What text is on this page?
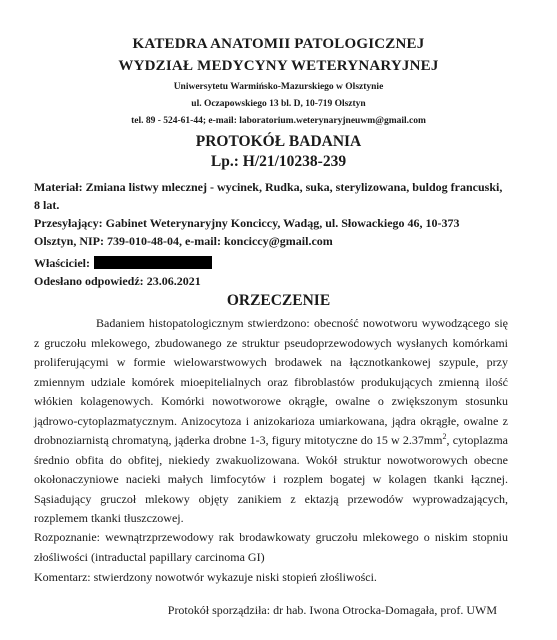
KATEDRA ANATOMII PATOLOGICZNEJ
WYDZIAŁ MEDYCYNY WETERYNARYJNEJ
Uniwersytetu Warmińsko-Mazurskiego w Olsztynie
ul. Oczapowskiego 13 bl. D, 10-719 Olsztyn
tel. 89 - 524-61-44; e-mail: laboratorium.weterynaryjneuwm@gmail.com
PROTOKÓŁ BADANIA
Lp.: H/21/10238-239
Materiał: Zmiana listwy mlecznej - wycinek, Rudka, suka, sterylizowana, buldog francuski, 8 lat.
Przesyłający: Gabinet Weterynaryjny Konciccy, Wadąg, ul. Słowackiego 46, 10-373 Olsztyn, NIP: 739-010-48-04, e-mail: konciccy@gmail.com
Właściciel:
Odesłano odpowiedź: 23.06.2021
ORZECZENIE
Badaniem histopatologicznym stwierdzono: obecność nowotworu wywodzącego się z gruczołu mlekowego, zbudowanego ze struktur pseudoprzewodowych wysłanych komórkami proliferującymi w formie wielowarstwowych brodawek na łącznotkankowej szypule, przy zmiennym udziale komórek mioepitelialnych oraz fibroblastów produkujących zmienną ilość włókien kolagenowych. Komórki nowotworowe okrągłe, owalne o zwiększonym stosunku jądrowo-cytoplazmatycznym. Anizocytoza i anizokarioza umiarkowana, jądra okrągłe, owalne z drobnoziarnistą chromatyną, jąderka drobne 1-3, figury mitotyczne do 15 w $2.37mm^2$, cytoplazma średnio obfita do obfitej, niekiedy zwakuolizowana. Wokół struktur nowotworowych obecne okołonaczyniowe nacieki małych limfocytów i rozplem bogatej w kolagen tkanki łącznej. Sąsiadujący gruczoł mlekowy objęty zanikiem z ektazją przewodów wyprowadzających, rozplemem tkanki tłuszczowej.
Rozpoznanie: wewnątrzprzewodowy rak brodawkowaty gruczołu mlekowego o niskim stopniu złośliwości (intraductal papillary carcinoma GI)
Komentarz: stwierdzony nowotwór wykazuje niski stopień złośliwości.
Protokół sporządziła: dr hab. Iwona Otrocka-Domagała, prof. UWM
